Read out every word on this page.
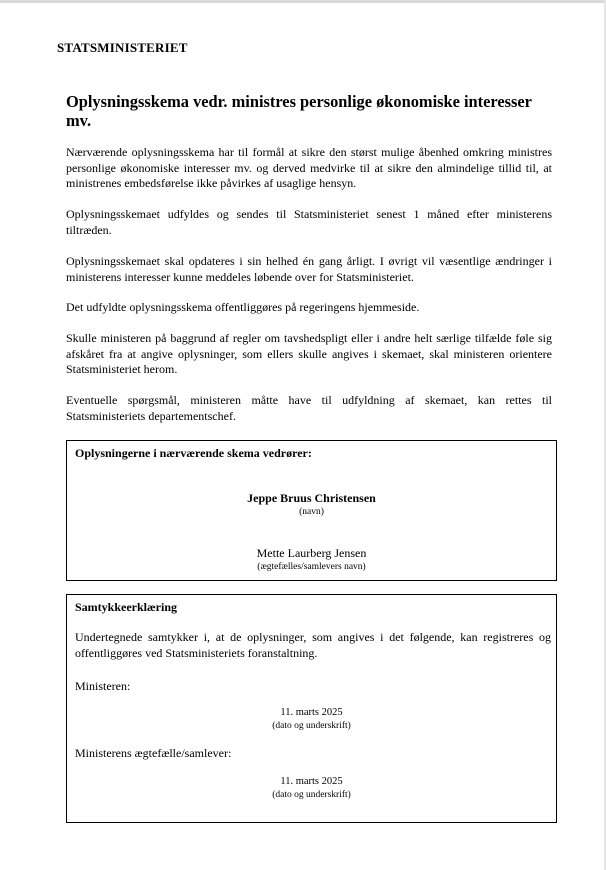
STATSMINISTERIET
Oplysningsskema vedr. ministres personlige økonomiske interesser mv.
Nærværende oplysningsskema har til formål at sikre den størst mulige åbenhed omkring ministres personlige økonomiske interesser mv. og derved medvirke til at sikre den almindelige tillid til, at ministrenes embedsførelse ikke påvirkes af usaglige hensyn.
Oplysningsskemaet udfyldes og sendes til Statsministeriet senest 1 måned efter ministerens tiltræden.
Oplysningsskemaet skal opdateres i sin helhed én gang årligt. I øvrigt vil væsentlige ændringer i ministerens interesser kunne meddeles løbende over for Statsministeriet.
Det udfyldte oplysningsskema offentliggøres på regeringens hjemmeside.
Skulle ministeren på baggrund af regler om tavshedspligt eller i andre helt særlige tilfælde føle sig afskåret fra at angive oplysninger, som ellers skulle angives i skemaet, skal ministeren orientere Statsministeriet herom.
Eventuelle spørgsmål, ministeren måtte have til udfyldning af skemaet, kan rettes til Statsministeriets departementschef.
Oplysningerne i nærværende skema vedrører:
Jeppe Bruus Christensen
(navn)
Mette Laurberg Jensen
(ægtefælles/samlevers navn)
Samtykkeerklæring
Undertegnede samtykker i, at de oplysninger, som angives i det følgende, kan registreres og offentliggøres ved Statsministeriets foranstaltning.
Ministeren:
11. marts 2025
(dato og underskrift)
Ministerens ægtefælle/samlever:
11. marts 2025
(dato og underskrift)
